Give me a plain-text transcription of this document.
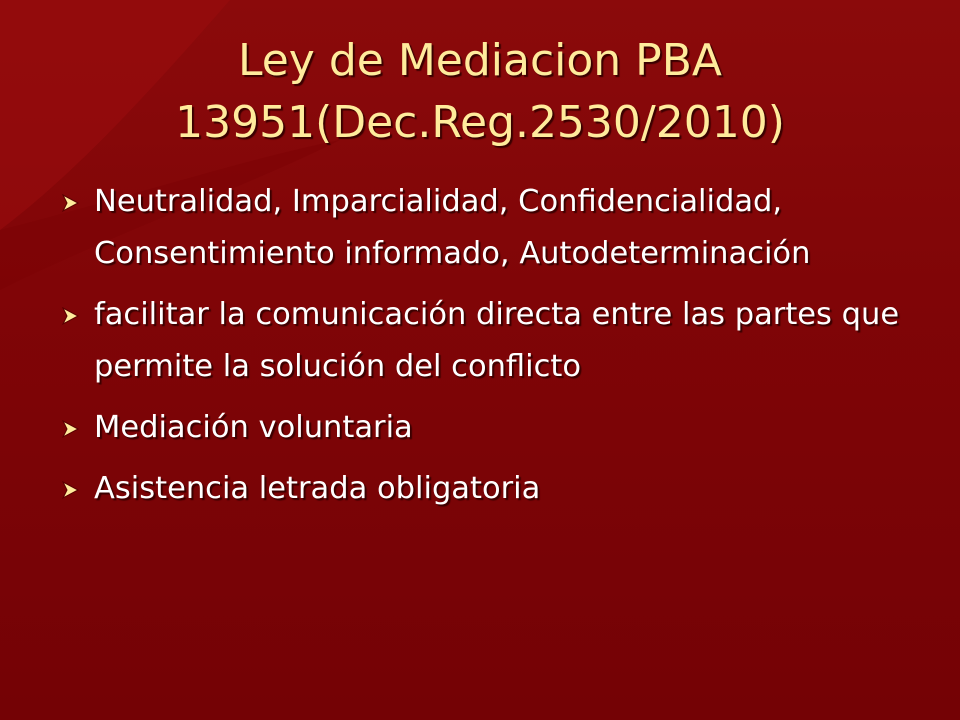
Ley de Mediacion PBA
13951(Dec.Reg.2530/2010)
Neutralidad, Imparcialidad, Confidencialidad, Consentimiento informado, Autodeterminación
facilitar la comunicación directa entre las partes que permite la solución del conflicto
Mediación voluntaria
Asistencia letrada obligatoria
